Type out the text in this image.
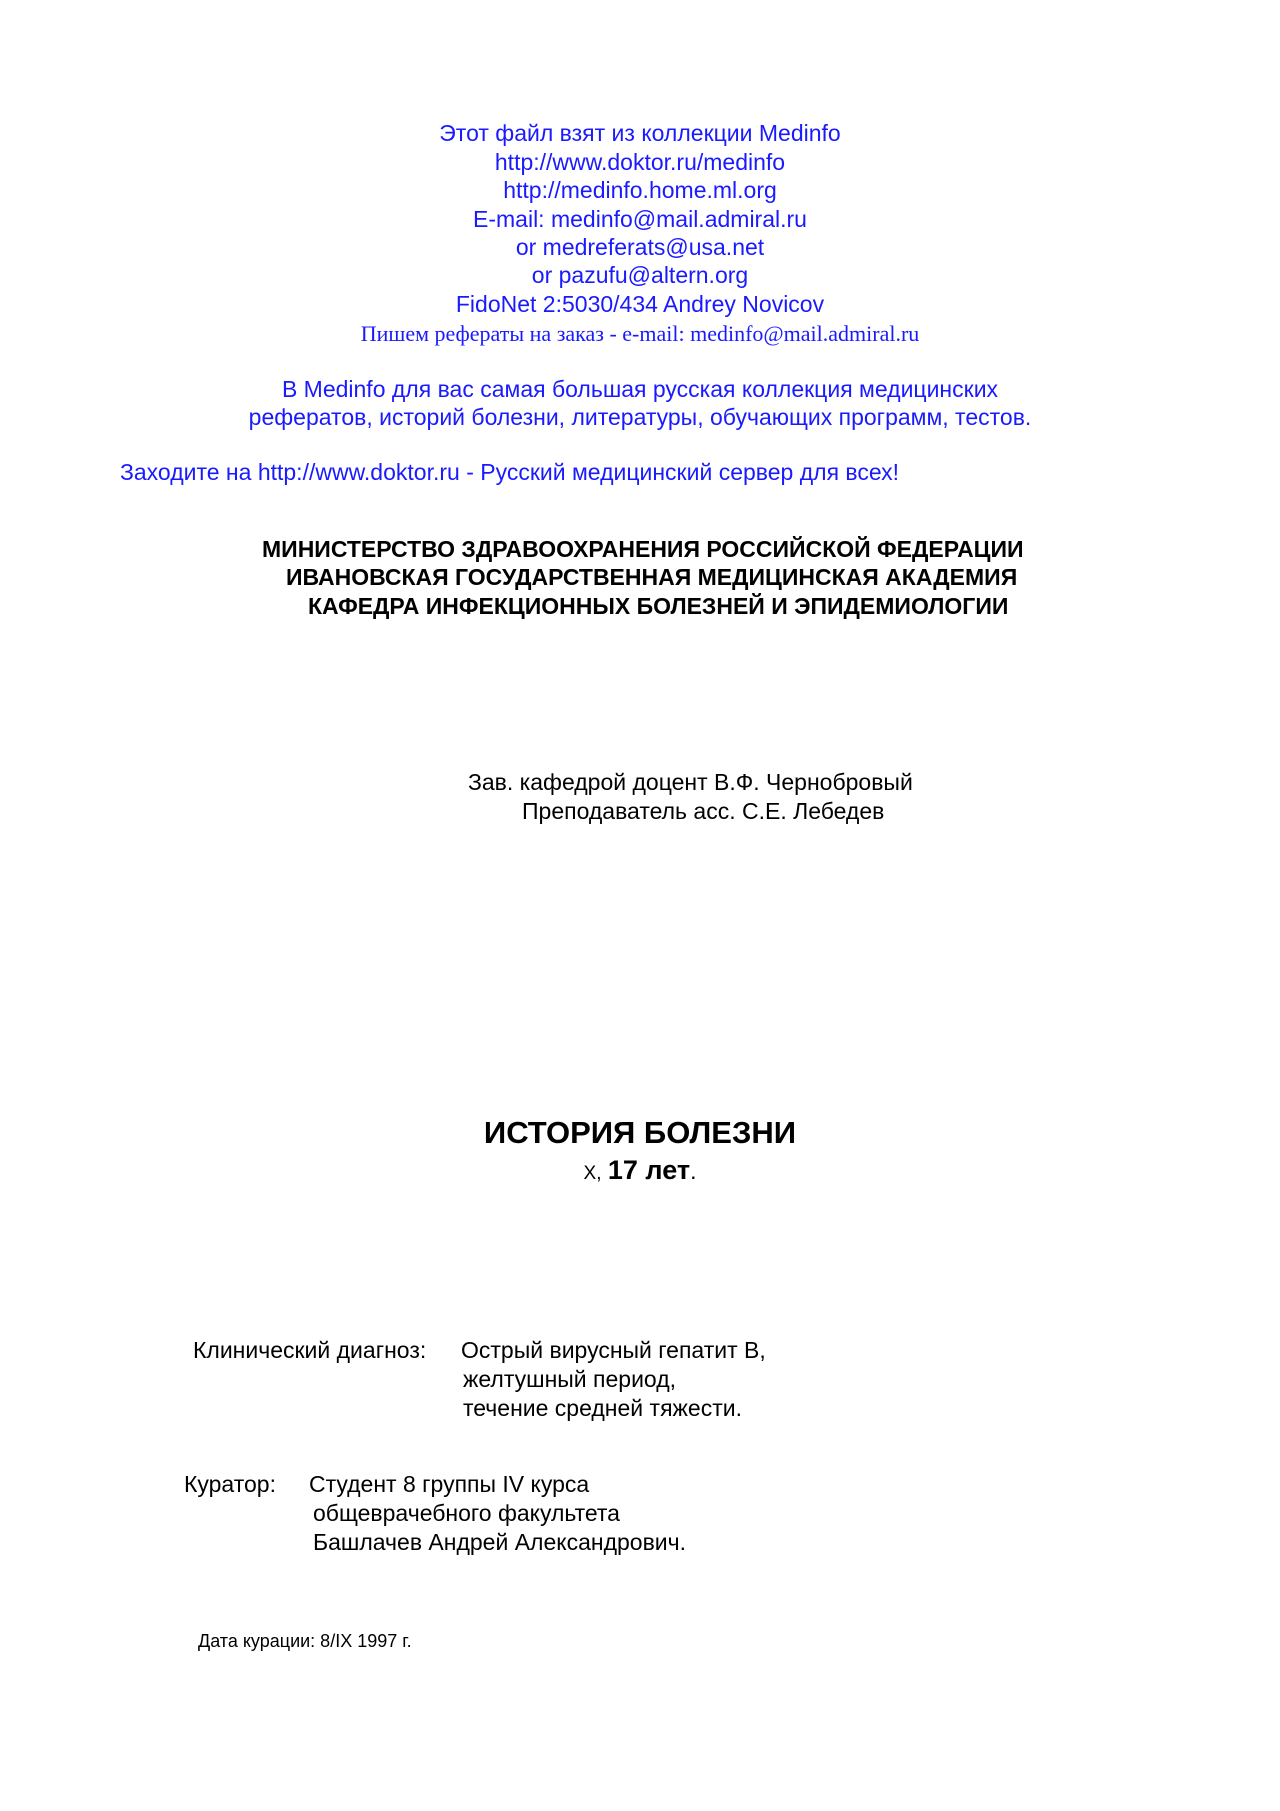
Этот файл взят из коллекции Medinfo
http://www.doktor.ru/medinfo
http://medinfo.home.ml.org
E-mail: medinfo@mail.admiral.ru
or medreferats@usa.net
or pazufu@altern.org
FidoNet 2:5030/434 Andrey Novicov
Пишем рефераты на заказ - e-mail: medinfo@mail.admiral.ru
В Medinfo для вас самая большая русская коллекция медицинских
рефератов, историй болезни, литературы, обучающих программ, тестов.
Заходите на http://www.doktor.ru - Русский медицинский сервер для всех!
МИНИСТЕРСТВО ЗДРАВООХРАНЕНИЯ РОССИЙСКОЙ ФЕДЕРАЦИИ
ИВАНОВСКАЯ ГОСУДАРСТВЕННАЯ МЕДИЦИНСКАЯ АКАДЕМИЯ
КАФЕДРА ИНФЕКЦИОННЫХ БОЛЕЗНЕЙ И ЭПИДЕМИОЛОГИИ
Зав. кафедрой доцент В.Ф. Чернобровый
Преподаватель асс. С.Е. Лебедев
ИСТОРИЯ БОЛЕЗНИ
Х, 17 лет.
Клинический диагноз: Острый вирусный гепатит В,
желтушный период,
течение средней тяжести.
Куратор: Студент 8 группы IV курса
общеврачебного факультета
Башлачев Андрей Александрович.
Дата курации: 8/IX 1997 г.
